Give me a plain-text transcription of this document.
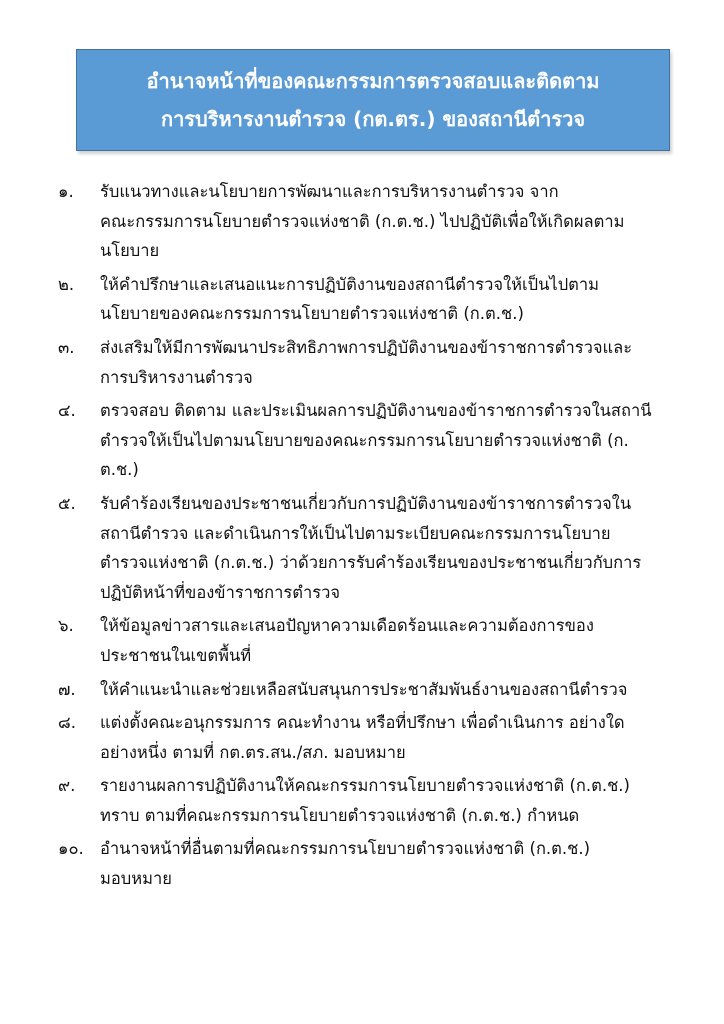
อำนาจหน้าที่ของคณะกรรมการตรวจสอบและติดตาม
การบริหารงานตำรวจ (กต.ตร.) ของสถานีตำรวจ
๑.	รับแนวทางและนโยบายการพัฒนาและการบริหารงานตำรวจ จาก
คณะกรรมการนโยบายตำรวจแห่งชาติ (ก.ต.ช.) ไปปฏิบัติเพื่อให้เกิดผลตาม
นโยบาย
๒.	ให้คำปรึกษาและเสนอแนะการปฏิบัติงานของสถานีตำรวจให้เป็นไปตาม
นโยบายของคณะกรรมการนโยบายตำรวจแห่งชาติ (ก.ต.ช.)
๓.	ส่งเสริมให้มีการพัฒนาประสิทธิภาพการปฏิบัติงานของข้าราชการตำรวจและ
การบริหารงานตำรวจ
๔.	ตรวจสอบ ติดตาม และประเมินผลการปฏิบัติงานของข้าราชการตำรวจในสถานี
ตำรวจให้เป็นไปตามนโยบายของคณะกรรมการนโยบายตำรวจแห่งชาติ (ก.
ต.ช.)
๕.	รับคำร้องเรียนของประชาชนเกี่ยวกับการปฏิบัติงานของข้าราชการตำรวจใน
สถานีตำรวจ และดำเนินการให้เป็นไปตามระเบียบคณะกรรมการนโยบาย
ตำรวจแห่งชาติ (ก.ต.ช.) ว่าด้วยการรับคำร้องเรียนของประชาชนเกี่ยวกับการ
ปฏิบัติหน้าที่ของข้าราชการตำรวจ
๖.	ให้ข้อมูลข่าวสารและเสนอปัญหาความเดือดร้อนและความต้องการของ
ประชาชนในเขตพื้นที่
๗.	ให้คำแนะนำและช่วยเหลือสนับสนุนการประชาสัมพันธ์งานของสถานีตำรวจ
๘.	แต่งตั้งคณะอนุกรรมการ คณะทำงาน หรือที่ปรึกษา เพื่อดำเนินการ อย่างใด
อย่างหนึ่ง ตามที่ กต.ตร.สน./สภ. มอบหมาย
๙.	รายงานผลการปฏิบัติงานให้คณะกรรมการนโยบายตำรวจแห่งชาติ (ก.ต.ช.)
ทราบ ตามที่คณะกรรมการนโยบายตำรวจแห่งชาติ (ก.ต.ช.) กำหนด
๑๐. อำนาจหน้าที่อื่นตามที่คณะกรรมการนโยบายตำรวจแห่งชาติ (ก.ต.ช.)
มอบหมาย
